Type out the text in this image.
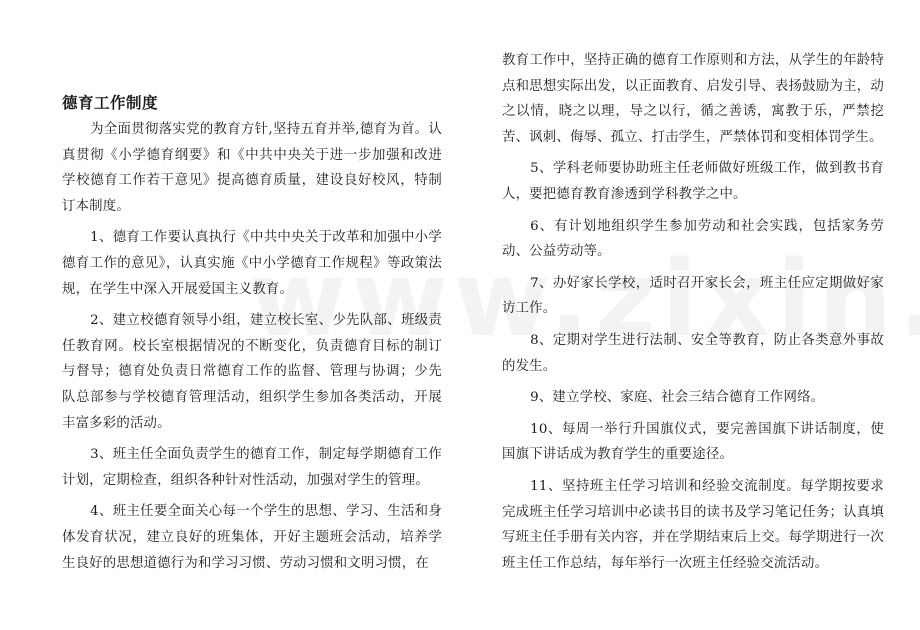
德育工作制度

为全面贯彻落实党的教育方针,坚持五育并举,德育为首。认真贯彻《小学德育纲要》和《中共中央关于进一步加强和改进学校德育工作若干意见》提高德育质量，建设良好校风，特制订本制度。

1、德育工作要认真执行《中共中央关于改革和加强中小学德育工作的意见》，认真实施《中小学德育工作规程》等政策法规，在学生中深入开展爱国主义教育。

2、建立校德育领导小组，建立校长室、少先队部、班级责任教育网。校长室根据情况的不断变化，负责德育目标的制订与督导；德育处负责日常德育工作的监督、管理与协调；少先队总部参与学校德育管理活动，组织学生参加各类活动，开展丰富多彩的活动。

3、班主任全面负责学生的德育工作，制定每学期德育工作计划，定期检查，组织各种针对性活动，加强对学生的管理。

4、班主任要全面关心每一个学生的思想、学习、生活和身体发育状况，建立良好的班集体，开好主题班会活动，培养学生良好的思想道德行为和学习习惯、劳动习惯和文明习惯，在

教育工作中，坚持正确的德育工作原则和方法，从学生的年龄特点和思想实际出发，以正面教育、启发引导、表扬鼓励为主，动之以情，晓之以理，导之以行，循之善诱，寓教于乐，严禁挖苦、讽刺、侮辱、孤立、打击学生，严禁体罚和变相体罚学生。

5、学科老师要协助班主任老师做好班级工作，做到教书育人，要把德育教育渗透到学科教学之中。

6、有计划地组织学生参加劳动和社会实践，包括家务劳动、公益劳动等。

7、办好家长学校，适时召开家长会，班主任应定期做好家访工作。

8、定期对学生进行法制、安全等教育，防止各类意外事故的发生。

9、建立学校、家庭、社会三结合德育工作网络。

10、每周一举行升国旗仪式，要完善国旗下讲话制度，使国旗下讲话成为教育学生的重要途径。

11、坚持班主任学习培训和经验交流制度。每学期按要求完成班主任学习培训中必读书目的读书及学习笔记任务；认真填写班主任手册有关内容，并在学期结束后上交。每学期进行一次班主任工作总结，每年举行一次班主任经验交流活动。
